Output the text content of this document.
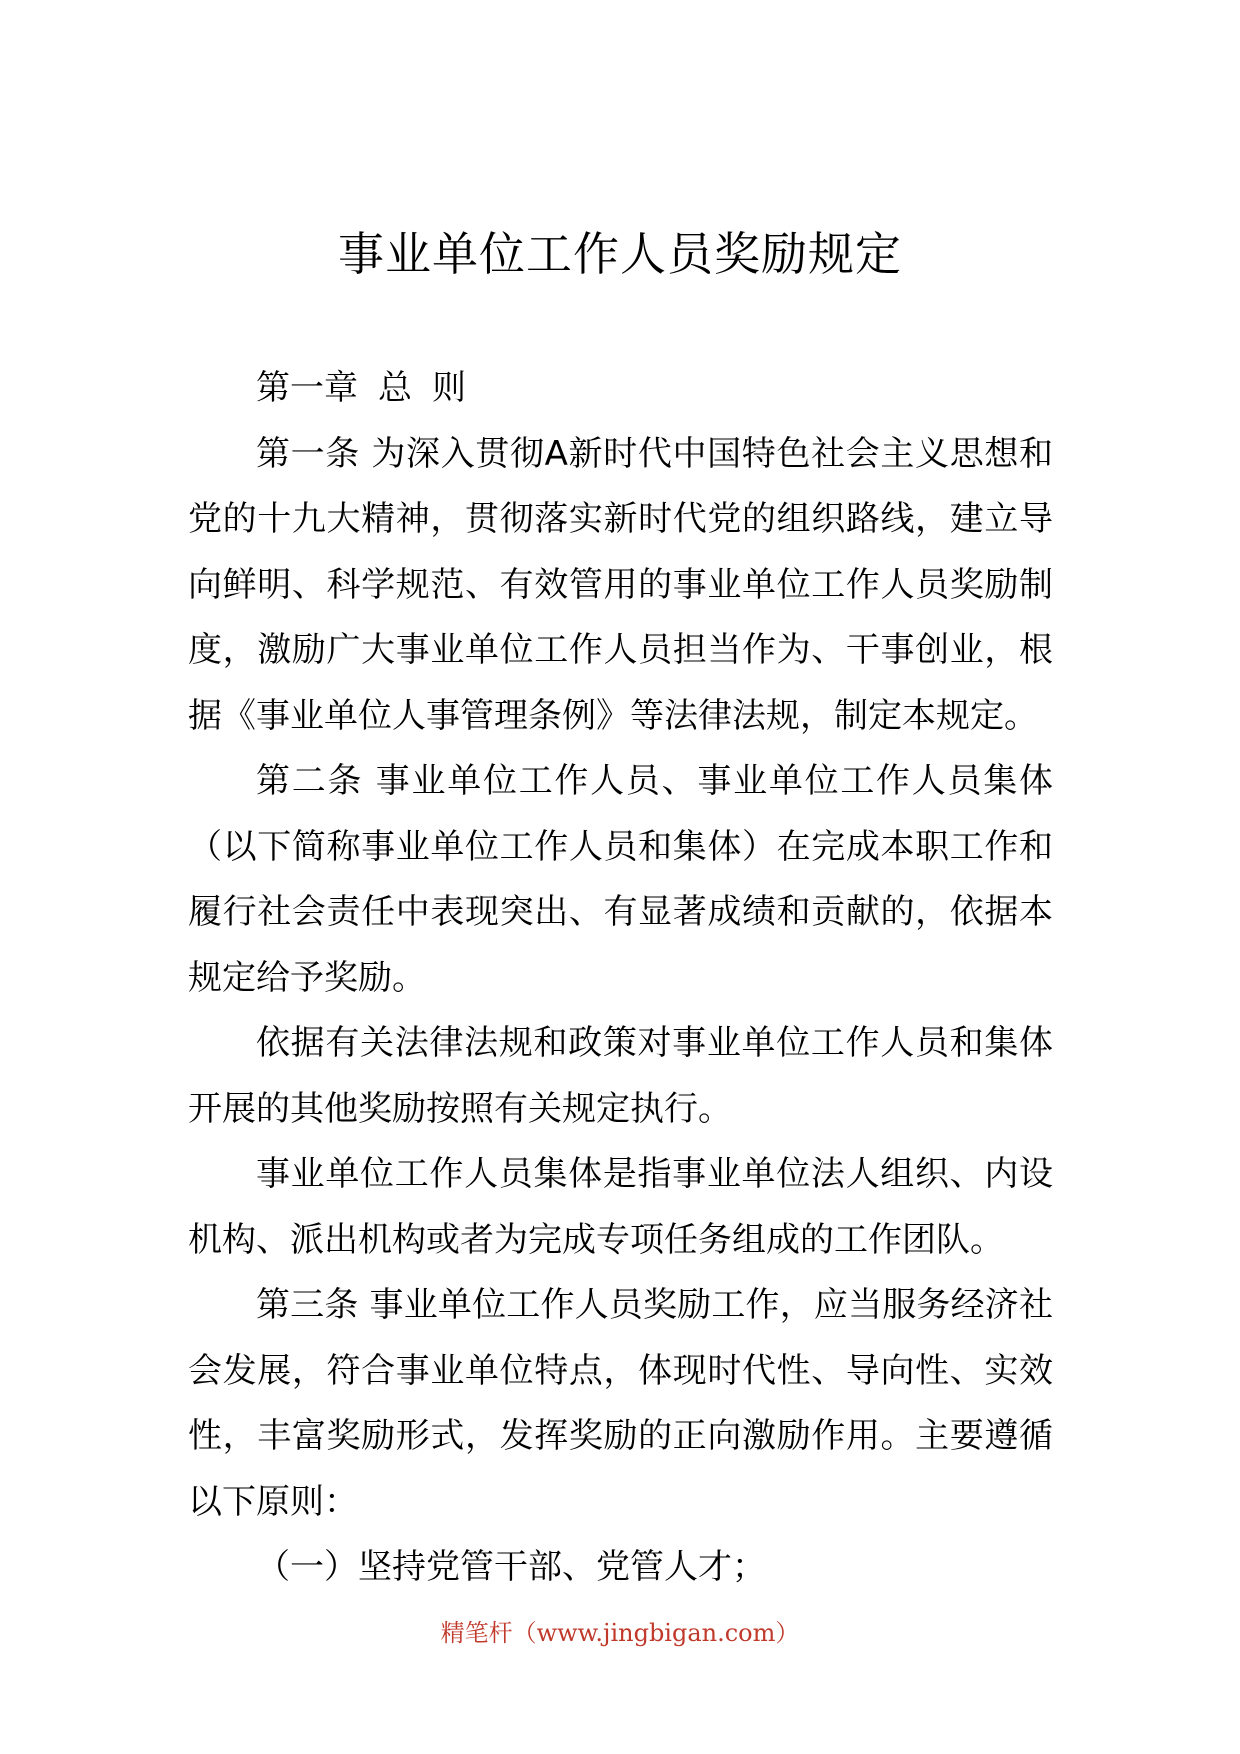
事业单位工作人员奖励规定

第一章 总 则

第一条 为深入贯彻A新时代中国特色社会主义思想和党的十九大精神，贯彻落实新时代党的组织路线，建立导向鲜明、科学规范、有效管用的事业单位工作人员奖励制度，激励广大事业单位工作人员担当作为、干事创业，根据《事业单位人事管理条例》等法律法规，制定本规定。

第二条 事业单位工作人员、事业单位工作人员集体（以下简称事业单位工作人员和集体）在完成本职工作和履行社会责任中表现突出、有显著成绩和贡献的，依据本规定给予奖励。

依据有关法律法规和政策对事业单位工作人员和集体开展的其他奖励按照有关规定执行。

事业单位工作人员集体是指事业单位法人组织、内设机构、派出机构或者为完成专项任务组成的工作团队。

第三条 事业单位工作人员奖励工作，应当服务经济社会发展，符合事业单位特点，体现时代性、导向性、实效性，丰富奖励形式，发挥奖励的正向激励作用。主要遵循以下原则：

（一）坚持党管干部、党管人才；

精笔杆（www.jingbigan.com）
